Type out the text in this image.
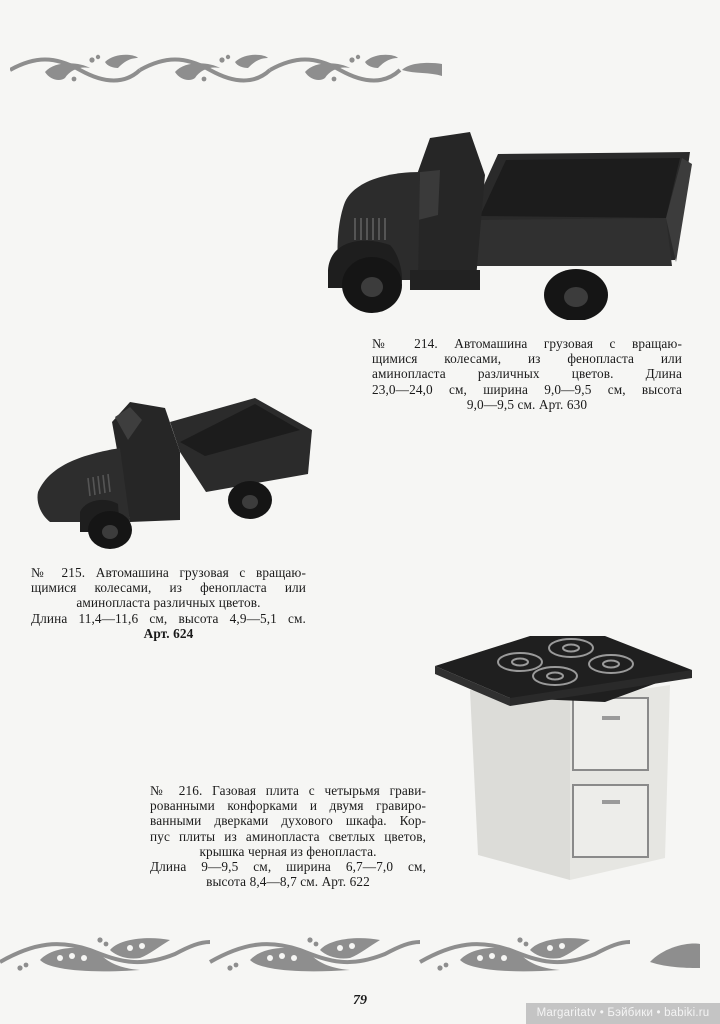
№ 214. Автомашина грузовая с вращаю-
щимися колесами, из фенопласта или
аминопласта различных цветов. Длина
23,0—24,0 см, ширина 9,0—9,5 см, высота
9,0—9,5 см. Арт. 630
№ 215. Автомашина грузовая с вращаю-
щимися колесами, из фенопласта или
аминопласта различных цветов.
Длина 11,4—11,6 см, высота 4,9—5,1 см.
Арт. 624
№ 216. Газовая плита с четырьмя грави-
рованными конфорками и двумя гравиро-
ванными дверками духового шкафа. Кор-
пус плиты из аминопласта светлых цветов,
крышка черная из фенопласта.
Длина 9—9,5 см, ширина 6,7—7,0 см,
высота 8,4—8,7 см. Арт. 622
79
Margaritatv • Бэйбики • babiki.ru
